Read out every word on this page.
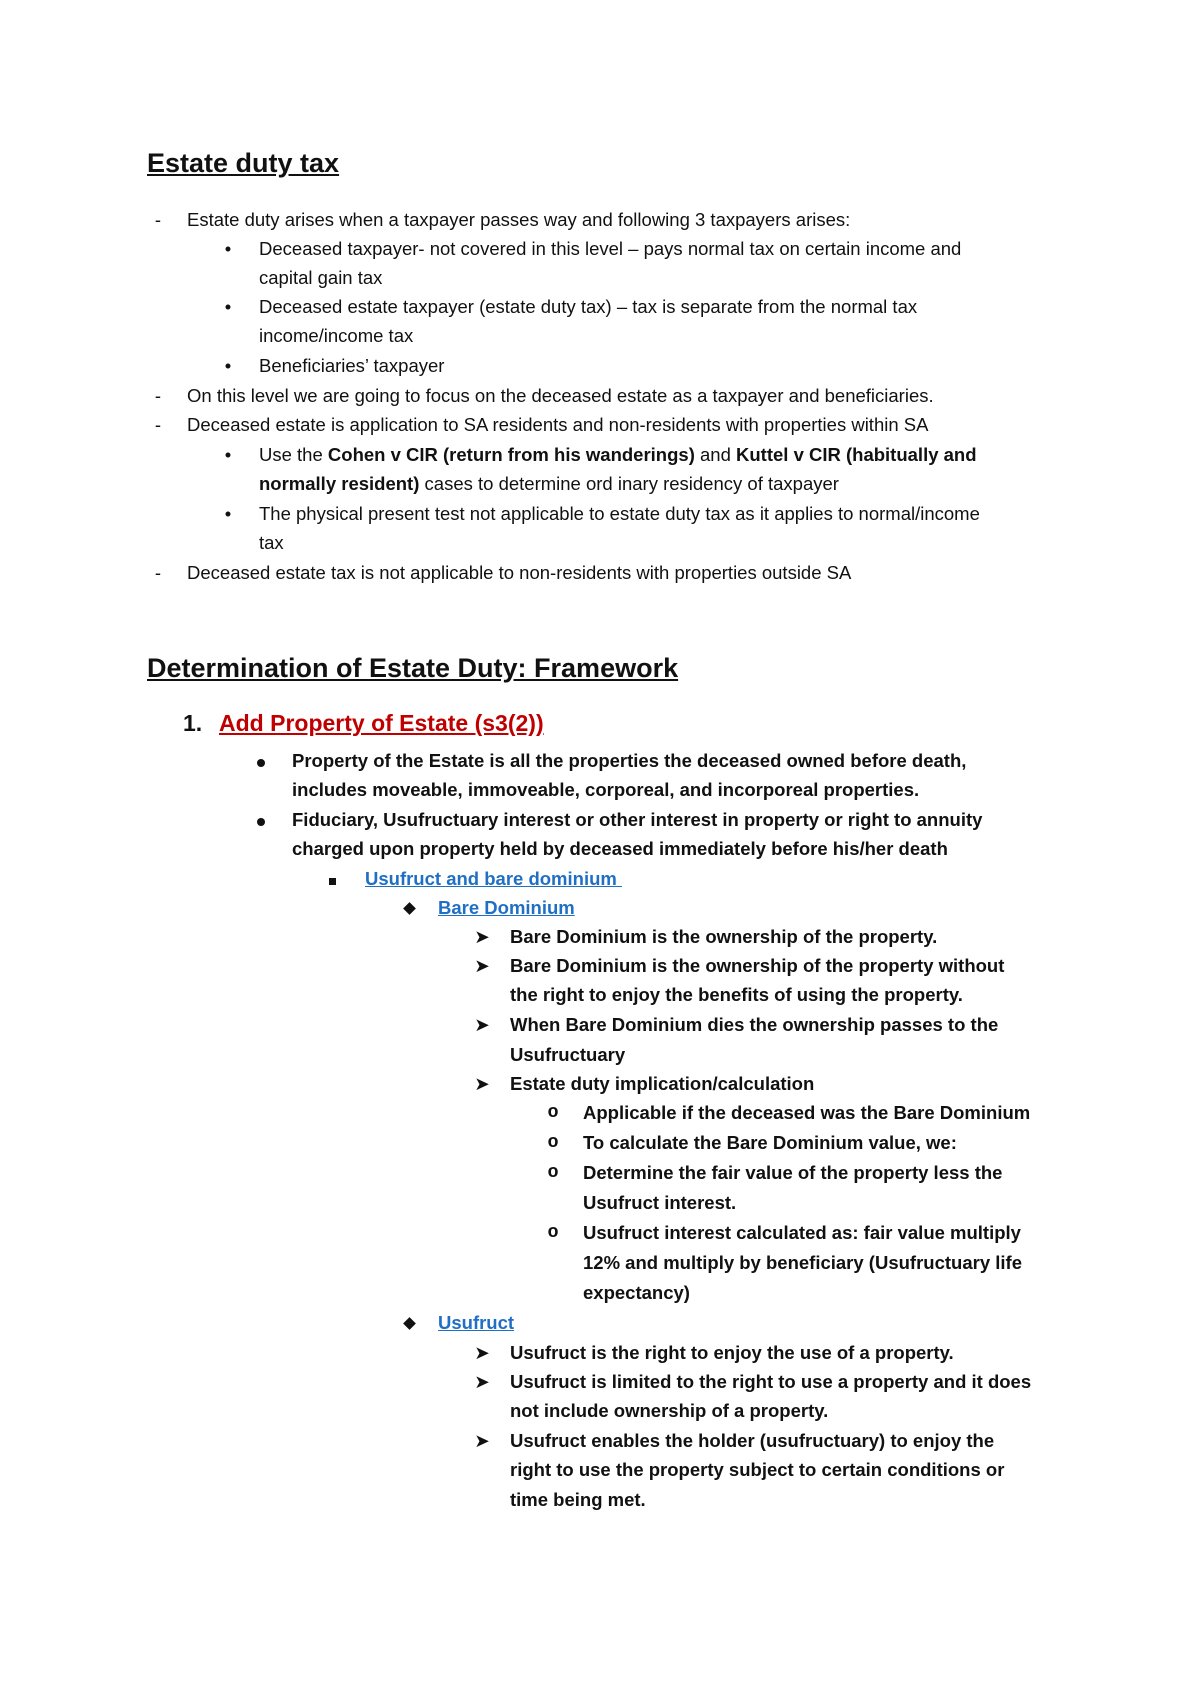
Estate duty tax
- Estate duty arises when a taxpayer passes way and following 3 taxpayers arises:
• Deceased taxpayer- not covered in this level – pays normal tax on certain income and
capital gain tax
• Deceased estate taxpayer (estate duty tax) – tax is separate from the normal tax
income/income tax
• Beneficiaries’ taxpayer
- On this level we are going to focus on the deceased estate as a taxpayer and beneficiaries.
- Deceased estate is application to SA residents and non-residents with properties within SA
• Use the Cohen v CIR (return from his wanderings) and Kuttel v CIR (habitually and
normally resident) cases to determine ord inary residency of taxpayer
• The physical present test not applicable to estate duty tax as it applies to normal/income
tax
- Deceased estate tax is not applicable to non-residents with properties outside SA
Determination of Estate Duty: Framework
1. Add Property of Estate (s3(2))
Property of the Estate is all the properties the deceased owned before death,
includes moveable, immoveable, corporeal, and incorporeal properties.
Fiduciary, Usufructuary interest or other interest in property or right to annuity
charged upon property held by deceased immediately before his/her death
Usufruct and bare dominium
Bare Dominium
➤ Bare Dominium is the ownership of the property.
➤ Bare Dominium is the ownership of the property without
the right to enjoy the benefits of using the property.
➤ When Bare Dominium dies the ownership passes to the
Usufructuary
➤ Estate duty implication/calculation
o Applicable if the deceased was the Bare Dominium
o To calculate the Bare Dominium value, we:
o Determine the fair value of the property less the
Usufruct interest.
o Usufruct interest calculated as: fair value multiply
12% and multiply by beneficiary (Usufructuary life
expectancy)
Usufruct
➤ Usufruct is the right to enjoy the use of a property.
➤ Usufruct is limited to the right to use a property and it does
not include ownership of a property.
➤ Usufruct enables the holder (usufructuary) to enjoy the
right to use the property subject to certain conditions or
time being met.
